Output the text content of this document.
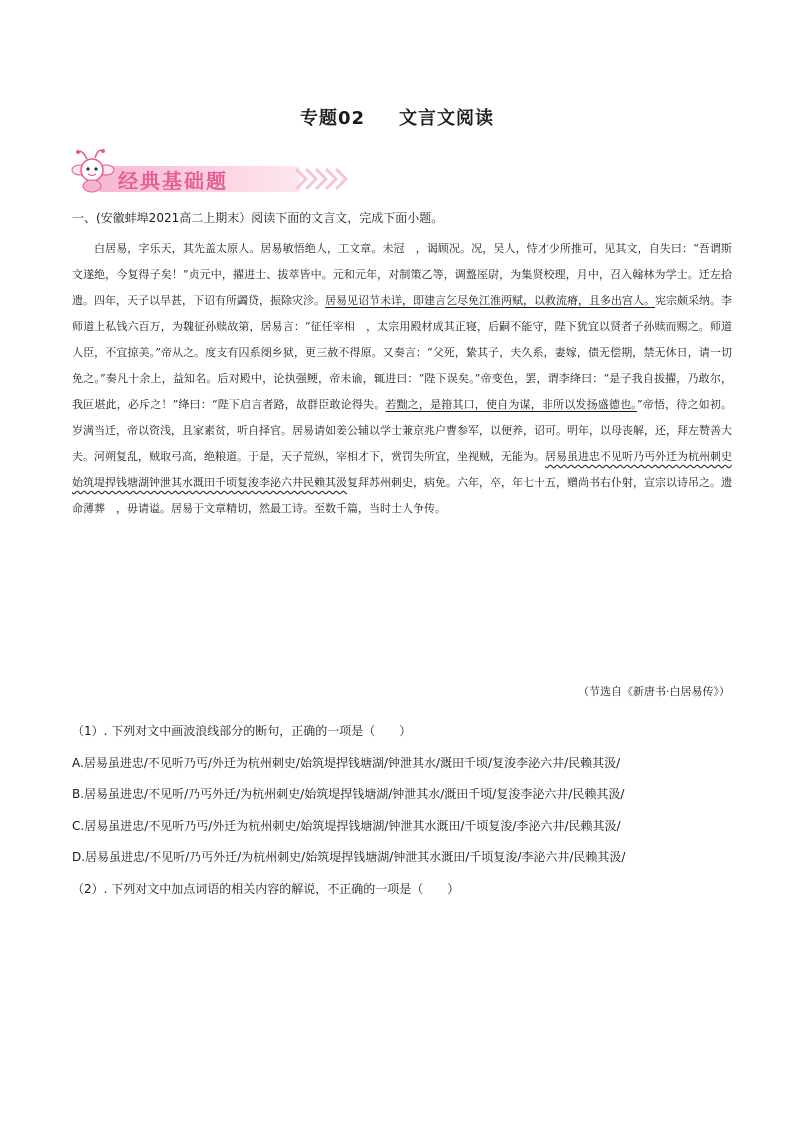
专题02 文言文阅读
经典基础题
一、(安徽蚌埠2021高二上期末）阅读下面的文言文，完成下面小题。

白居易，字乐天，其先盖太原人。居易敏悟绝人，工文章。未冠　，谒顾况。况，吴人，恃才少所推可，见其文，自失曰：“吾谓斯文遂绝，今复得子矣！”贞元中，擢进士、拔萃皆中。元和元年，对制策乙等，调盩厔尉，为集贤校理，月中，召入翰林为学士。迁左拾遗。四年，天子以旱甚，下诏有所蠲贷，振除灾沴。居易见诏节未详，即建言乞尽免江淮两赋，以救流瘠，且多出宫人。宪宗颇采纳。李师道上私钱六百万，为魏征孙赎故第，居易言：“征任宰相　，太宗用殿材成其正寝，后嗣不能守，陛下犹宜以贤者子孙赎而赐之。师道人臣，不宜掠美。”帝从之。度支有囚系阌乡狱，更三赦不得原。又奏言：“父死，絷其子，夫久系，妻嫁，债无偿期，禁无休日，请一切免之。”奏凡十余上，益知名。后对殿中，论执强鲠，帝未谕，辄进曰：“陛下误矣。”帝变色，罢，谓李绛曰：“是子我自拔擢，乃敢尔，我叵堪此，必斥之！”绛曰：“陛下启言者路，故群臣敢论得失。若黜之，是箝其口，使自为谋，非所以发扬盛德也。”帝悟，待之如初。岁满当迁，帝以资浅，且家素贫，听自择官。居易请如姜公辅以学士兼京兆户曹参军，以便养，诏可。明年，以母丧解，还，拜左赞善大夫。河朔复乱，贼取弓高，绝粮道。于是，天子荒纵，宰相才下，赏罚失所宜，坐视贼，无能为。居易虽进忠不见听乃丐外迁为杭州刺史始筑堤捍钱塘湖钟泄其水溉田千顷复浚李泌六井民赖其汲复拜苏州刺史，病免。六年，卒，年七十五，赠尚书右仆射，宣宗以诗吊之。遗命薄葬　，毋请谥。居易于文章精切，然最工诗。至数千篇，当时士人争传。

（节选自《新唐书·白居易传》）
（1）. 下列对文中画波浪线部分的断句，正确的一项是（　　）
A.居易虽进忠/不见听乃丐/外迁为杭州刺史/始筑堤捍钱塘湖/钟泄其水/溉田千顷/复浚李泌六井/民赖其汲/
B.居易虽进忠/不见听/乃丐外迁/为杭州刺史/始筑堤捍钱塘湖/钟泄其水/溉田千顷/复浚李泌六井/民赖其汲/
C.居易虽进忠/不见听乃丐/外迁为杭州刺史/始筑堤捍钱塘湖/钟泄其水溉田/千顷复浚/李泌六井/民赖其汲/
D.居易虽进忠/不见听/乃丐外迁/为杭州刺史/始筑堤捍钱塘湖/钟泄其水溉田/千顷复浚/李泌六井/民赖其汲/
（2）. 下列对文中加点词语的相关内容的解说，不正确的一项是（　　）
